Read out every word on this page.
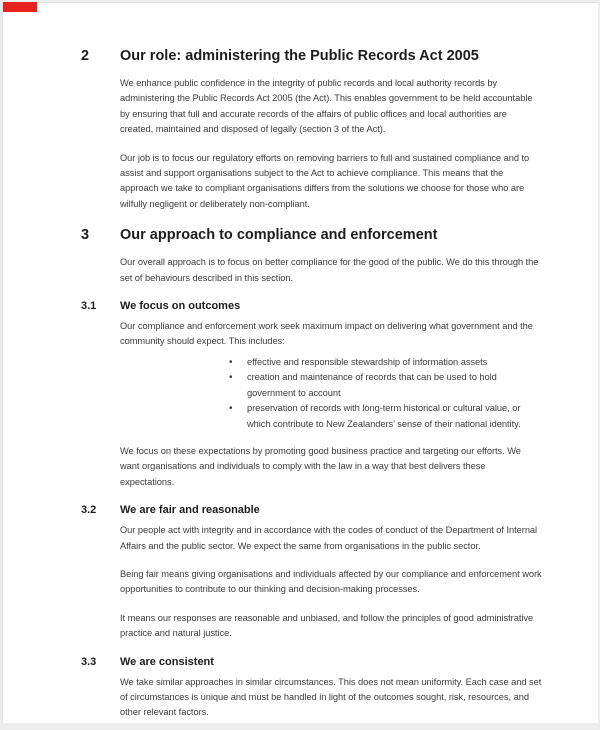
2	Our role: administering the Public Records Act 2005

We enhance public confidence in the integrity of public records and local authority records by administering the Public Records Act 2005 (the Act). This enables government to be held accountable by ensuring that full and accurate records of the affairs of public offices and local authorities are created, maintained and disposed of legally (section 3 of the Act).

Our job is to focus our regulatory efforts on removing barriers to full and sustained compliance and to assist and support organisations subject to the Act to achieve compliance. This means that the approach we take to compliant organisations differs from the solutions we choose for those who are wilfully negligent or deliberately non-compliant.

3	Our approach to compliance and enforcement

Our overall approach is to focus on better compliance for the good of the public. We do this through the set of behaviours described in this section.

3.1	We focus on outcomes

Our compliance and enforcement work seek maximum impact on delivering what government and the community should expect. This includes:

• effective and responsible stewardship of information assets
• creation and maintenance of records that can be used to hold government to account
• preservation of records with long-term historical or cultural value, or which contribute to New Zealanders’ sense of their national identity.

We focus on these expectations by promoting good business practice and targeting our efforts. We want organisations and individuals to comply with the law in a way that best delivers these expectations.

3.2	We are fair and reasonable

Our people act with integrity and in accordance with the codes of conduct of the Department of Internal Affairs and the public sector. We expect the same from organisations in the public sector.

Being fair means giving organisations and individuals affected by our compliance and enforcement work opportunities to contribute to our thinking and decision-making processes.

It means our responses are reasonable and unbiased, and follow the principles of good administrative practice and natural justice.

3.3	We are consistent

We take similar approaches in similar circumstances. This does not mean uniformity. Each case and set of circumstances is unique and must be handled in light of the outcomes sought, risk, resources, and other relevant factors.
